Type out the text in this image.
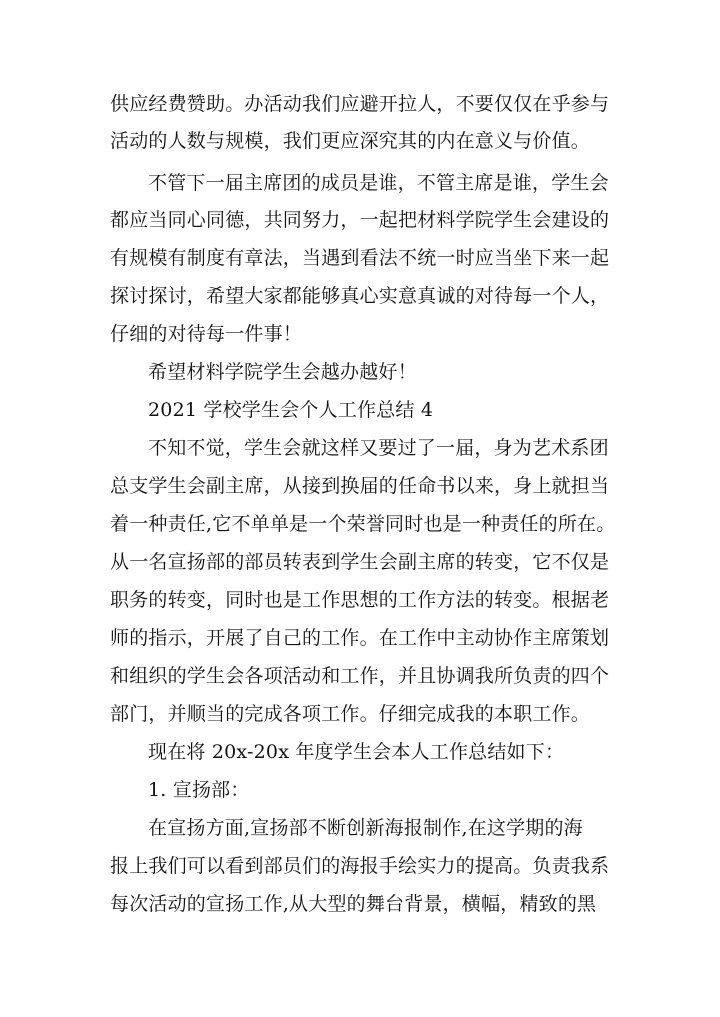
供应经费赞助。办活动我们应避开拉人，不要仅仅在乎参与
活动的人数与规模，我们更应深究其的内在意义与价值。
不管下一届主席团的成员是谁，不管主席是谁，学生会
都应当同心同德，共同努力，一起把材料学院学生会建设的
有规模有制度有章法，当遇到看法不统一时应当坐下来一起
探讨探讨，希望大家都能够真心实意真诚的对待每一个人，
仔细的对待每一件事！
希望材料学院学生会越办越好！
2021 学校学生会个人工作总结 4
不知不觉，学生会就这样又要过了一届，身为艺术系团
总支学生会副主席，从接到换届的任命书以来，身上就担当
着一种责任,它不单单是一个荣誉同时也是一种责任的所在。
从一名宣扬部的部员转表到学生会副主席的转变，它不仅是
职务的转变，同时也是工作思想的工作方法的转变。根据老
师的指示，开展了自己的工作。在工作中主动协作主席策划
和组织的学生会各项活动和工作，并且协调我所负责的四个
部门，并顺当的完成各项工作。仔细完成我的本职工作。
现在将 20x-20x 年度学生会本人工作总结如下：
1. 宣扬部：
在宣扬方面,宣扬部不断创新海报制作,在这学期的海
报上我们可以看到部员们的海报手绘实力的提高。负责我系
每次活动的宣扬工作,从大型的舞台背景，横幅，精致的黑
